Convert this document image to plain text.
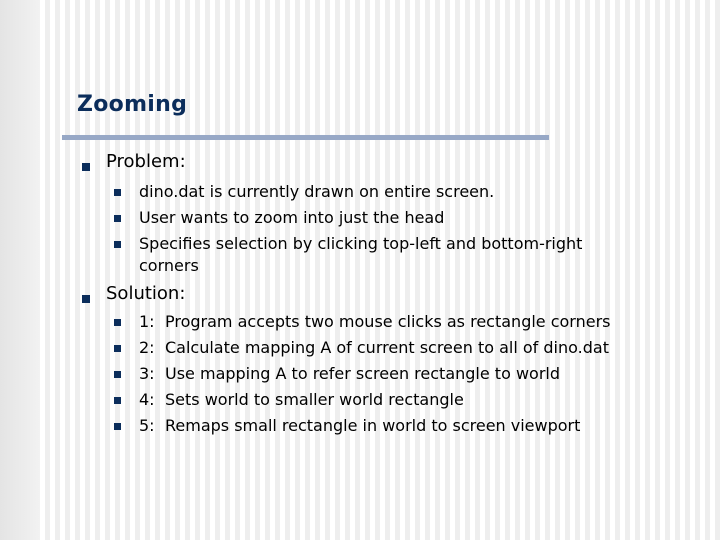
Zooming
Problem:
dino.dat is currently drawn on entire screen.
User wants to zoom into just the head
Specifies selection by clicking top-left and bottom-right
corners
Solution:
1: Program accepts two mouse clicks as rectangle corners
2: Calculate mapping A of current screen to all of dino.dat
3: Use mapping A to refer screen rectangle to world
4: Sets world to smaller world rectangle
5: Remaps small rectangle in world to screen viewport
